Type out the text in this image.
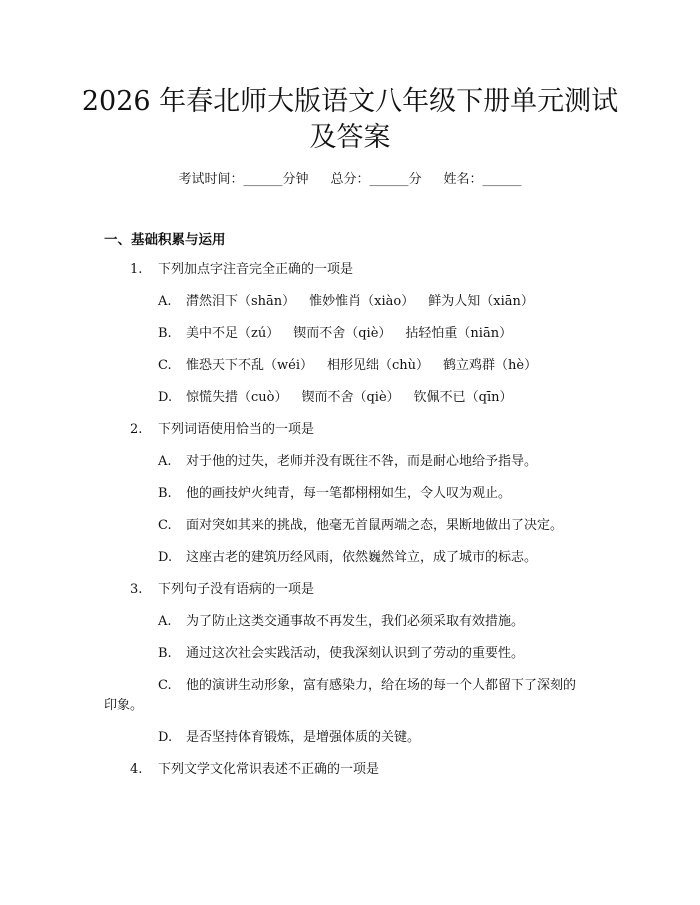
2026 年春北师大版语文八年级下册单元测试
及答案
考试时间：______分钟 总分：______分 姓名：______
一、基础积累与运用
1. 下列加点字注音完全正确的一项是
A. 潸然泪下（shān） 惟妙惟肖（xiào） 鲜为人知（xiān）
B. 美中不足（zú） 锲而不舍（qiè） 拈轻怕重（niān）
C. 惟恐天下不乱（wéi） 相形见绌（chù） 鹤立鸡群（hè）
D. 惊慌失措（cuò） 锲而不舍（qiè） 钦佩不已（qīn）
2. 下列词语使用恰当的一项是
A. 对于他的过失，老师并没有既往不咎，而是耐心地给予指导。
B. 他的画技炉火纯青，每一笔都栩栩如生，令人叹为观止。
C. 面对突如其来的挑战，他毫无首鼠两端之态，果断地做出了决定。
D. 这座古老的建筑历经风雨，依然巍然耸立，成了城市的标志。
3. 下列句子没有语病的一项是
A. 为了防止这类交通事故不再发生，我们必须采取有效措施。
B. 通过这次社会实践活动，使我深刻认识到了劳动的重要性。
C. 他的演讲生动形象，富有感染力，给在场的每一个人都留下了深刻的
印象。
D. 是否坚持体育锻炼，是增强体质的关键。
4. 下列文学文化常识表述不正确的一项是
